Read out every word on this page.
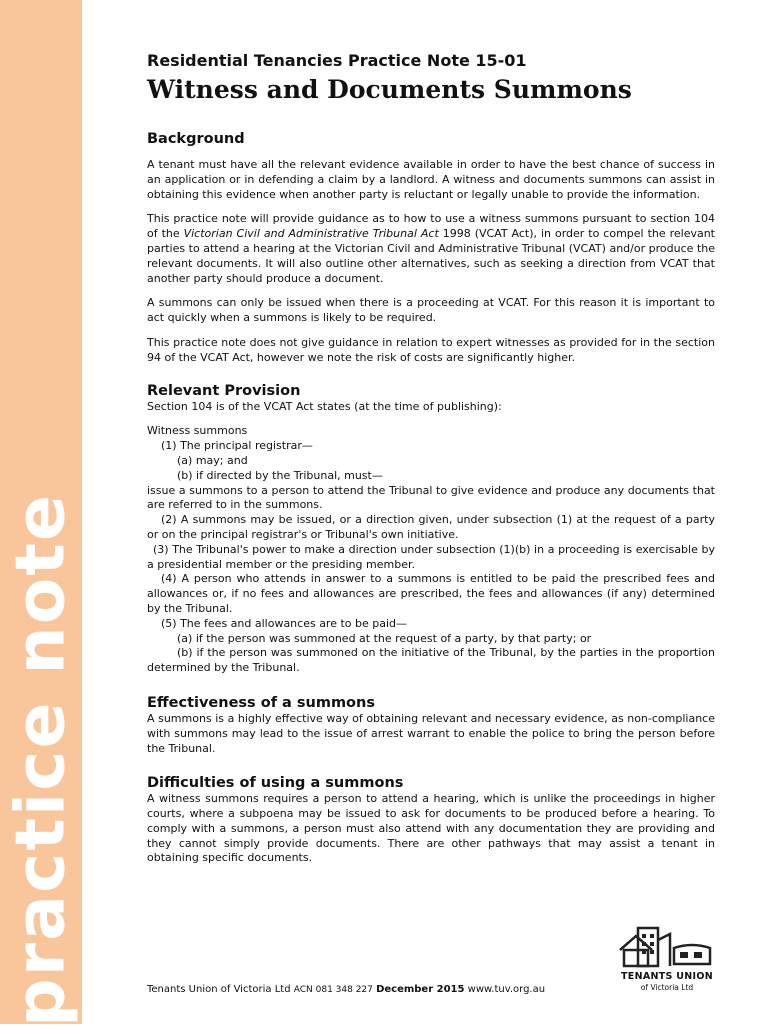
practice note
Residential Tenancies Practice Note 15-01
Witness and Documents Summons
Background

A tenant must have all the relevant evidence available in order to have the best chance of success in an application or in defending a claim by a landlord. A witness and documents summons can assist in obtaining this evidence when another party is reluctant or legally unable to provide the information.

This practice note will provide guidance as to how to use a witness summons pursuant to section 104 of the Victorian Civil and Administrative Tribunal Act 1998 (VCAT Act), in order to compel the relevant parties to attend a hearing at the Victorian Civil and Administrative Tribunal (VCAT) and/or produce the relevant documents. It will also outline other alternatives, such as seeking a direction from VCAT that another party should produce a document.

A summons can only be issued when there is a proceeding at VCAT. For this reason it is important to act quickly when a summons is likely to be required.

This practice note does not give guidance in relation to expert witnesses as provided for in the section 94 of the VCAT Act, however we note the risk of costs are significantly higher.

Relevant Provision

Section 104 is of the VCAT Act states (at the time of publishing):

Witness summons
(1) The principal registrar—
(a) may; and
(b) if directed by the Tribunal, must—
issue a summons to a person to attend the Tribunal to give evidence and produce any documents that are referred to in the summons.
(2) A summons may be issued, or a direction given, under subsection (1) at the request of a party or on the principal registrar's or Tribunal's own initiative.
(3) The Tribunal's power to make a direction under subsection (1)(b) in a proceeding is exercisable by a presidential member or the presiding member.
(4) A person who attends in answer to a summons is entitled to be paid the prescribed fees and allowances or, if no fees and allowances are prescribed, the fees and allowances (if any) determined by the Tribunal.
(5) The fees and allowances are to be paid—
(a) if the person was summoned at the request of a party, by that party; or
(b) if the person was summoned on the initiative of the Tribunal, by the parties in the proportion determined by the Tribunal.
Effectiveness of a summons

A summons is a highly effective way of obtaining relevant and necessary evidence, as non-compliance with summons may lead to the issue of arrest warrant to enable the police to bring the person before the Tribunal.

Difficulties of using a summons

A witness summons requires a person to attend a hearing, which is unlike the proceedings in higher courts, where a subpoena may be issued to ask for documents to be produced before a hearing. To comply with a summons, a person must also attend with any documentation they are providing and they cannot simply provide documents. There are other pathways that may assist a tenant in obtaining specific documents.

TENANTS UNION
of Victoria Ltd
Tenants Union of Victoria Ltd ACN 081 348 227 December 2015 www.tuv.org.au
